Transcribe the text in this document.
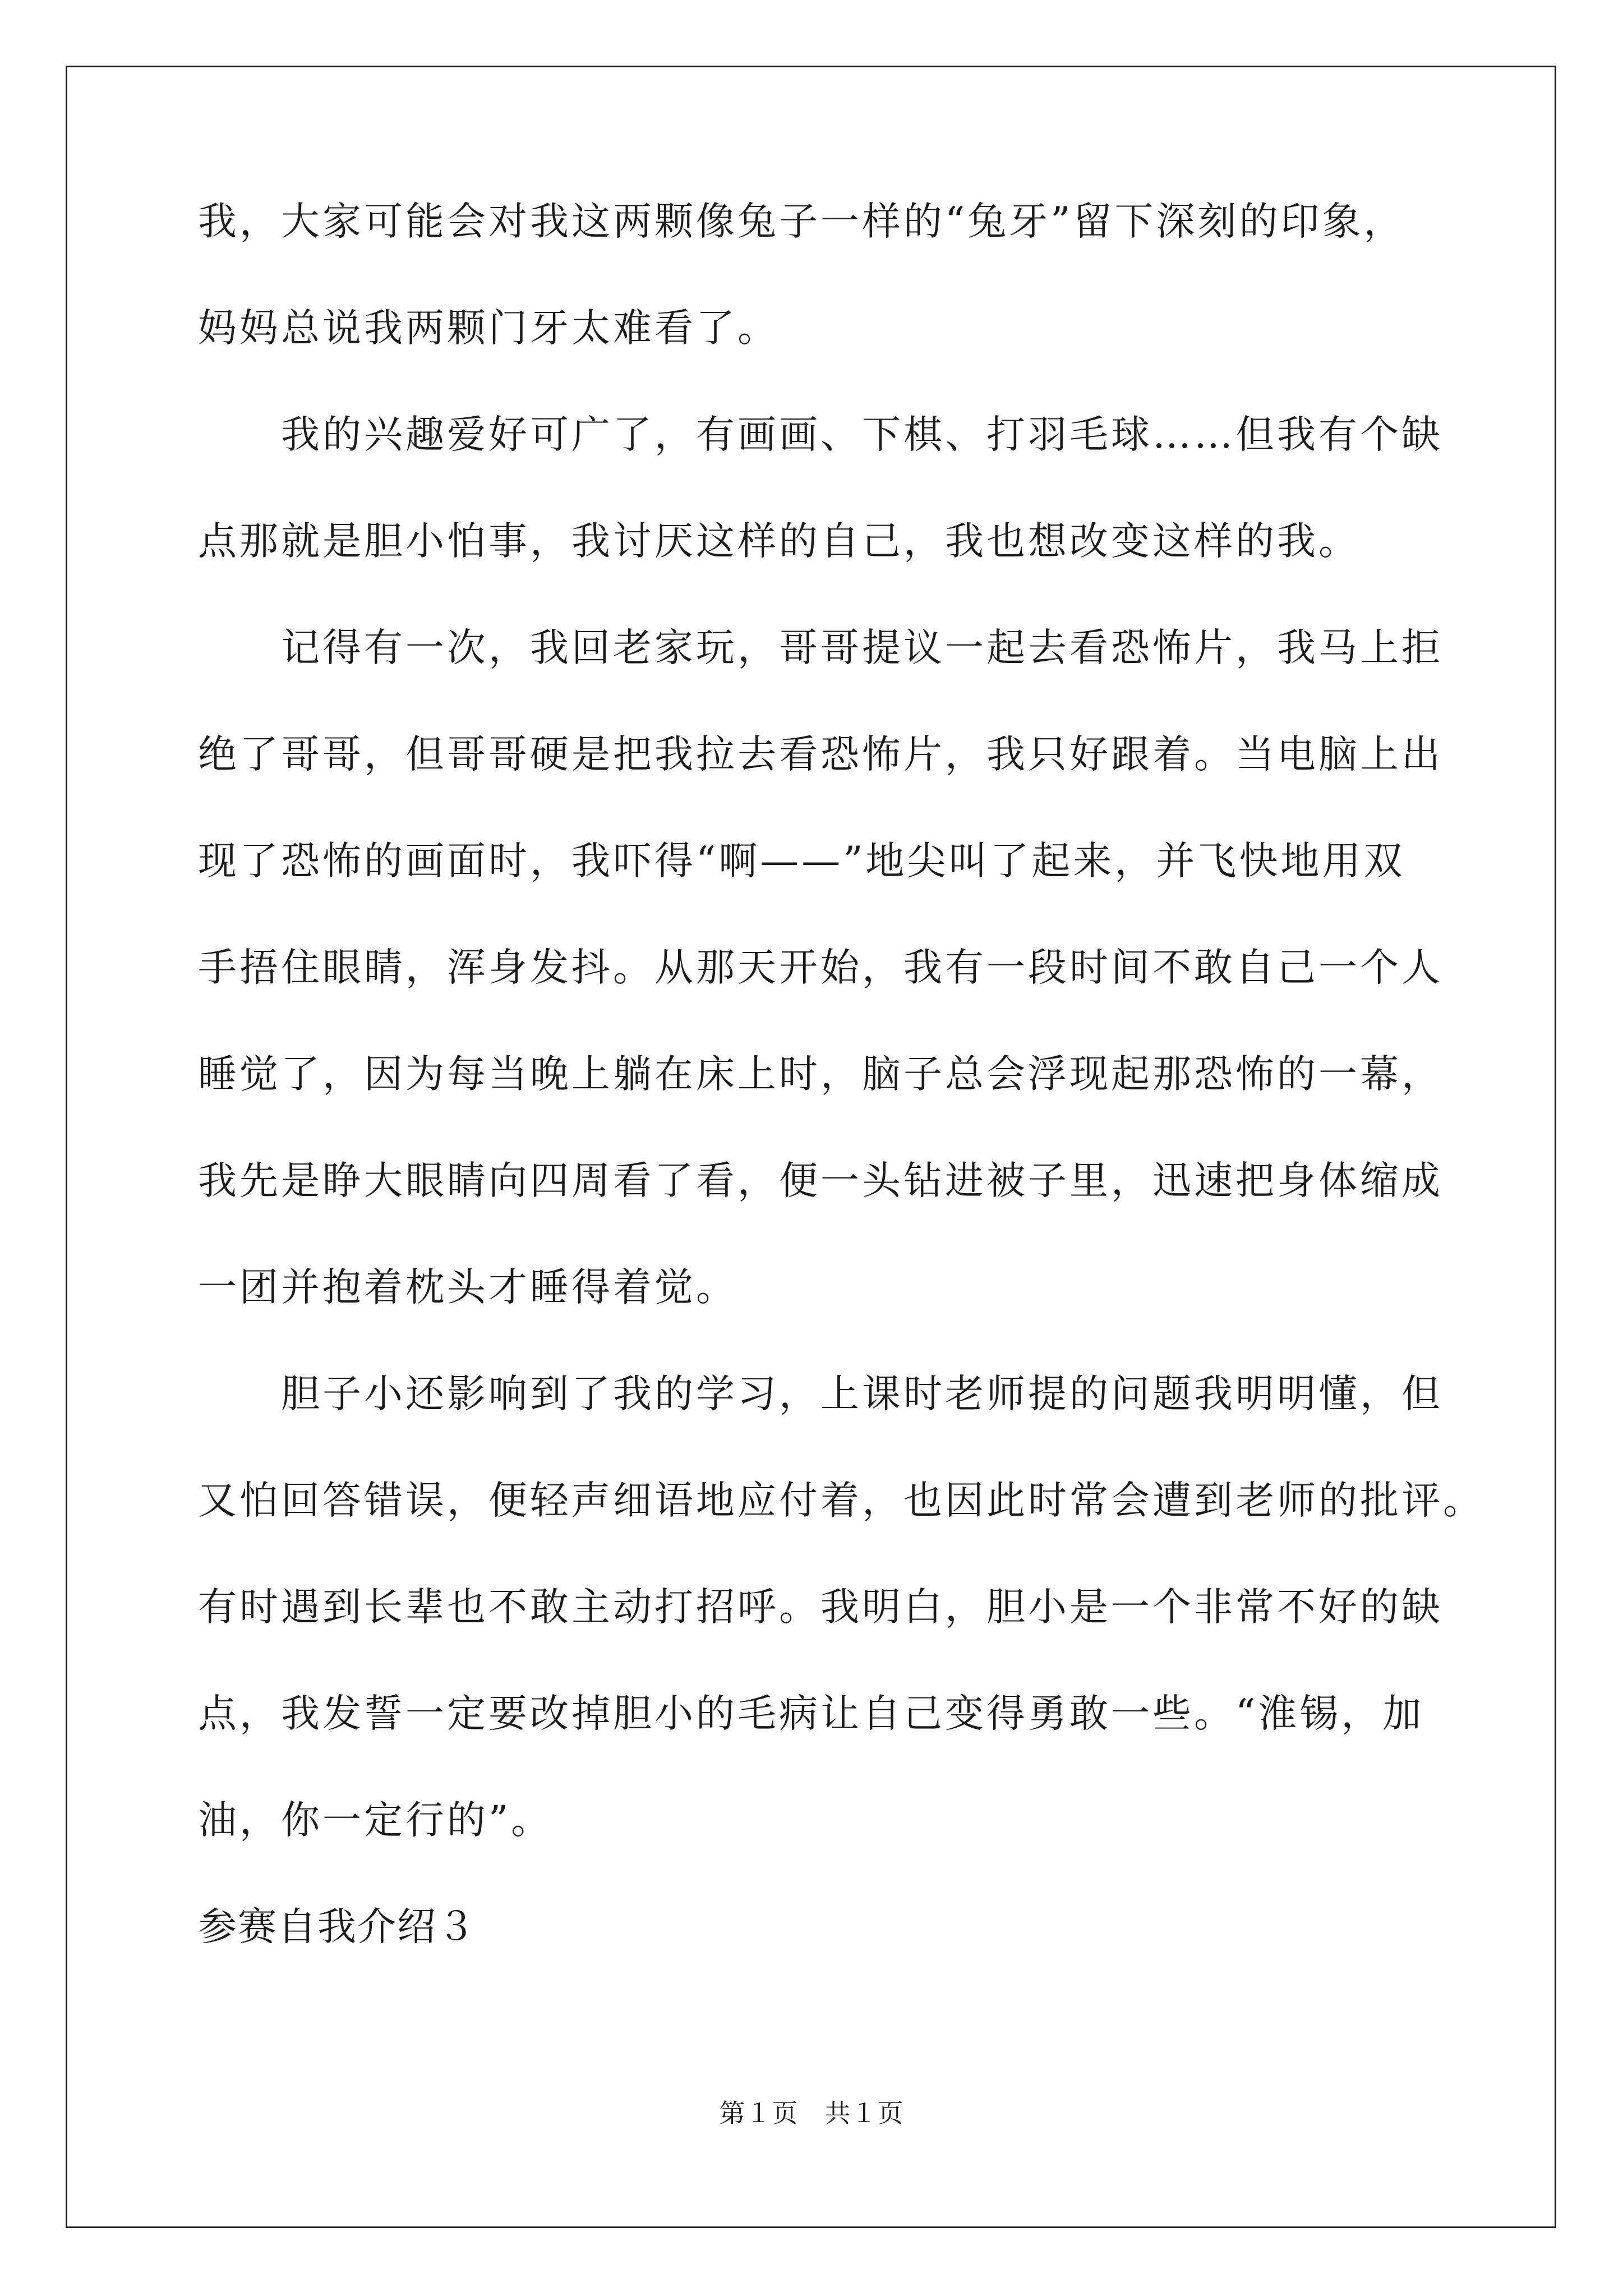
我，大家可能会对我这两颗像兔子一样的“兔牙”留下深刻的印象，
妈妈总说我两颗门牙太难看了。
我的兴趣爱好可广了，有画画、下棋、打羽毛球……但我有个缺
点那就是胆小怕事，我讨厌这样的自己，我也想改变这样的我。
记得有一次，我回老家玩，哥哥提议一起去看恐怖片，我马上拒
绝了哥哥，但哥哥硬是把我拉去看恐怖片，我只好跟着。当电脑上出
现了恐怖的画面时，我吓得“啊——”地尖叫了起来，并飞快地用双
手捂住眼睛，浑身发抖。从那天开始，我有一段时间不敢自己一个人
睡觉了，因为每当晚上躺在床上时，脑子总会浮现起那恐怖的一幕，
我先是睁大眼睛向四周看了看，便一头钻进被子里，迅速把身体缩成
一团并抱着枕头才睡得着觉。
胆子小还影响到了我的学习，上课时老师提的问题我明明懂，但
又怕回答错误，便轻声细语地应付着，也因此时常会遭到老师的批评。
有时遇到长辈也不敢主动打招呼。我明白，胆小是一个非常不好的缺
点，我发誓一定要改掉胆小的毛病让自己变得勇敢一些。“淮锡，加
油，你一定行的”。
参赛自我介绍３
第１页　共１页
